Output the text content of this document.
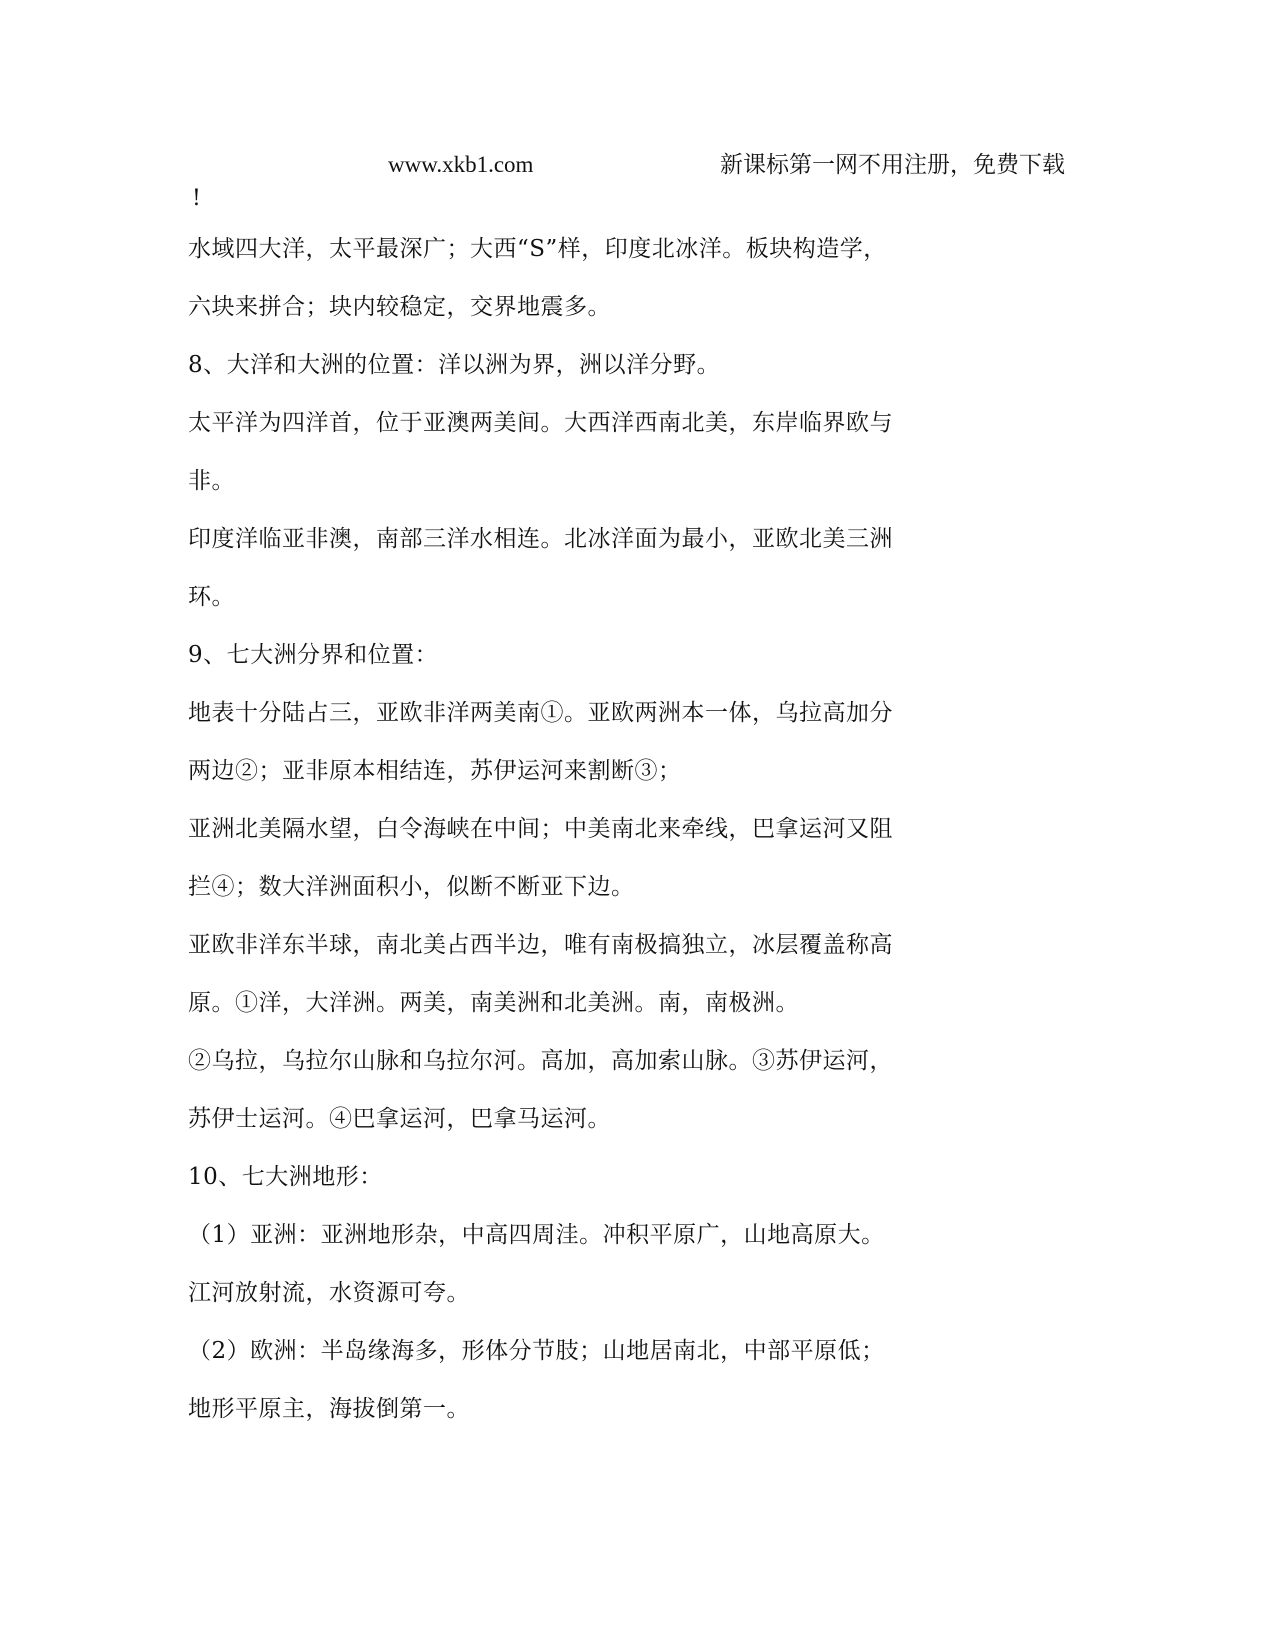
www.xkb1.com	新课标第一网不用注册，免费下载
!
水域四大洋，太平最深广；大西“S”样，印度北冰洋。板块构造学，
六块来拼合；块内较稳定，交界地震多。
8、大洋和大洲的位置：洋以洲为界，洲以洋分野。
太平洋为四洋首，位于亚澳两美间。大西洋西南北美，东岸临界欧与
非。
印度洋临亚非澳，南部三洋水相连。北冰洋面为最小，亚欧北美三洲
环。
9、七大洲分界和位置：
地表十分陆占三，亚欧非洋两美南①。亚欧两洲本一体，乌拉高加分
两边②；亚非原本相结连，苏伊运河来割断③；
亚洲北美隔水望，白令海峡在中间；中美南北来牵线，巴拿运河又阻
拦④；数大洋洲面积小，似断不断亚下边。
亚欧非洋东半球，南北美占西半边，唯有南极搞独立，冰层覆盖称高
原。①洋，大洋洲。两美，南美洲和北美洲。南，南极洲。
②乌拉，乌拉尔山脉和乌拉尔河。高加，高加索山脉。③苏伊运河，
苏伊士运河。④巴拿运河，巴拿马运河。
10、七大洲地形：
（1）亚洲：亚洲地形杂，中高四周洼。冲积平原广，山地高原大。
江河放射流，水资源可夸。
（2）欧洲：半岛缘海多，形体分节肢；山地居南北，中部平原低；
地形平原主，海拔倒第一。
